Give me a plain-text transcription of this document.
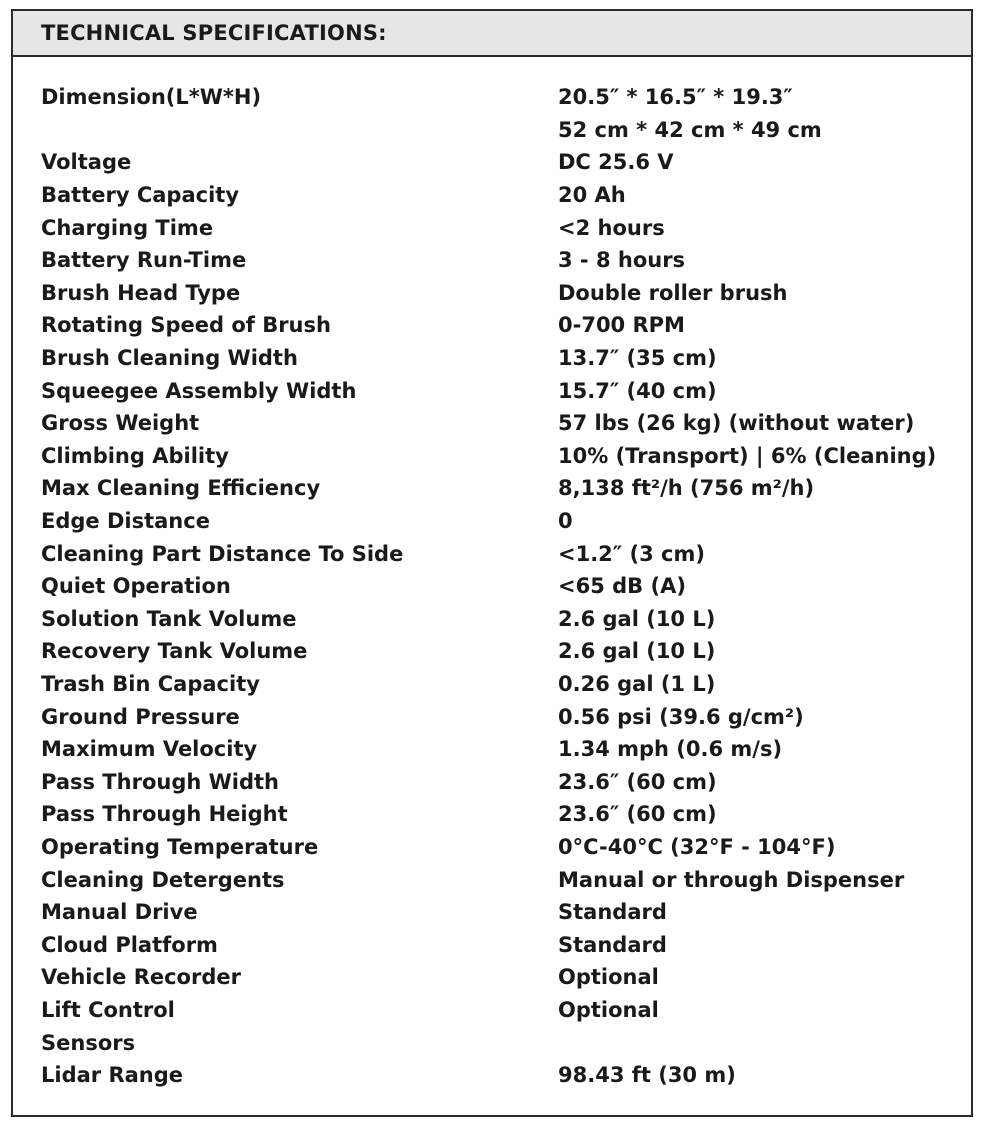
TECHNICAL SPECIFICATIONS:
Dimension(L*W*H)	20.5″ * 16.5″ * 19.3″
52 cm * 42 cm * 49 cm
Voltage	DC 25.6 V
Battery Capacity	20 Ah
Charging Time	<2 hours
Battery Run-Time	3 - 8 hours
Brush Head Type	Double roller brush
Rotating Speed of Brush	0-700 RPM
Brush Cleaning Width	13.7″ (35 cm)
Squeegee Assembly Width	15.7″ (40 cm)
Gross Weight	57 lbs (26 kg) (without water)
Climbing Ability	10% (Transport) | 6% (Cleaning)
Max Cleaning Efficiency	8,138 ft²/h (756 m²/h)
Edge Distance	0
Cleaning Part Distance To Side	<1.2″ (3 cm)
Quiet Operation	<65 dB (A)
Solution Tank Volume	2.6 gal (10 L)
Recovery Tank Volume	2.6 gal (10 L)
Trash Bin Capacity	0.26 gal (1 L)
Ground Pressure	0.56 psi (39.6 g/cm²)
Maximum Velocity	1.34 mph (0.6 m/s)
Pass Through Width	23.6″ (60 cm)
Pass Through Height	23.6″ (60 cm)
Operating Temperature	0°C-40°C (32°F - 104°F)
Cleaning Detergents	Manual or through Dispenser
Manual Drive	Standard
Cloud Platform	Standard
Vehicle Recorder	Optional
Lift Control	Optional
Sensors
Lidar Range	98.43 ft (30 m)
